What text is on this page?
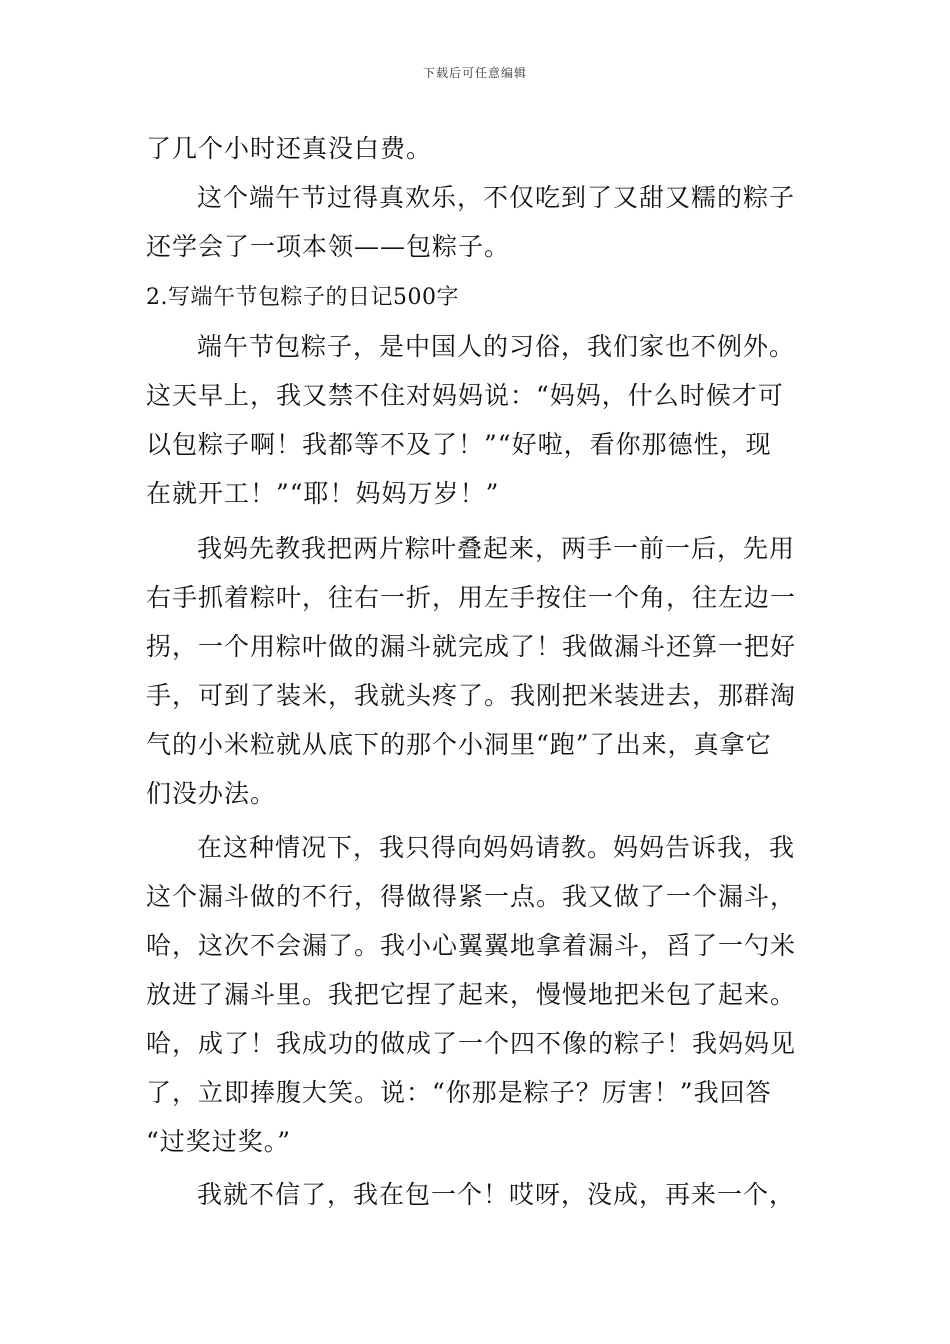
下载后可任意编辑
了几个小时还真没白费。
这个端午节过得真欢乐，不仅吃到了又甜又糯的粽子
还学会了一项本领——包粽子。
2.写端午节包粽子的日记500字
端午节包粽子，是中国人的习俗，我们家也不例外。
这天早上，我又禁不住对妈妈说：“妈妈，什么时候才可
以包粽子啊！我都等不及了！”“好啦，看你那德性，现
在就开工！”“耶！妈妈万岁！”
我妈先教我把两片粽叶叠起来，两手一前一后，先用
右手抓着粽叶，往右一折，用左手按住一个角，往左边一
拐，一个用粽叶做的漏斗就完成了！我做漏斗还算一把好
手，可到了装米，我就头疼了。我刚把米装进去，那群淘
气的小米粒就从底下的那个小洞里“跑”了出来，真拿它
们没办法。
在这种情况下，我只得向妈妈请教。妈妈告诉我，我
这个漏斗做的不行，得做得紧一点。我又做了一个漏斗，
哈，这次不会漏了。我小心翼翼地拿着漏斗，舀了一勺米
放进了漏斗里。我把它捏了起来，慢慢地把米包了起来。
哈，成了！我成功的做成了一个四不像的粽子！我妈妈见
了，立即捧腹大笑。说：“你那是粽子？厉害！”我回答
“过奖过奖。”
我就不信了，我在包一个！哎呀，没成，再来一个，
